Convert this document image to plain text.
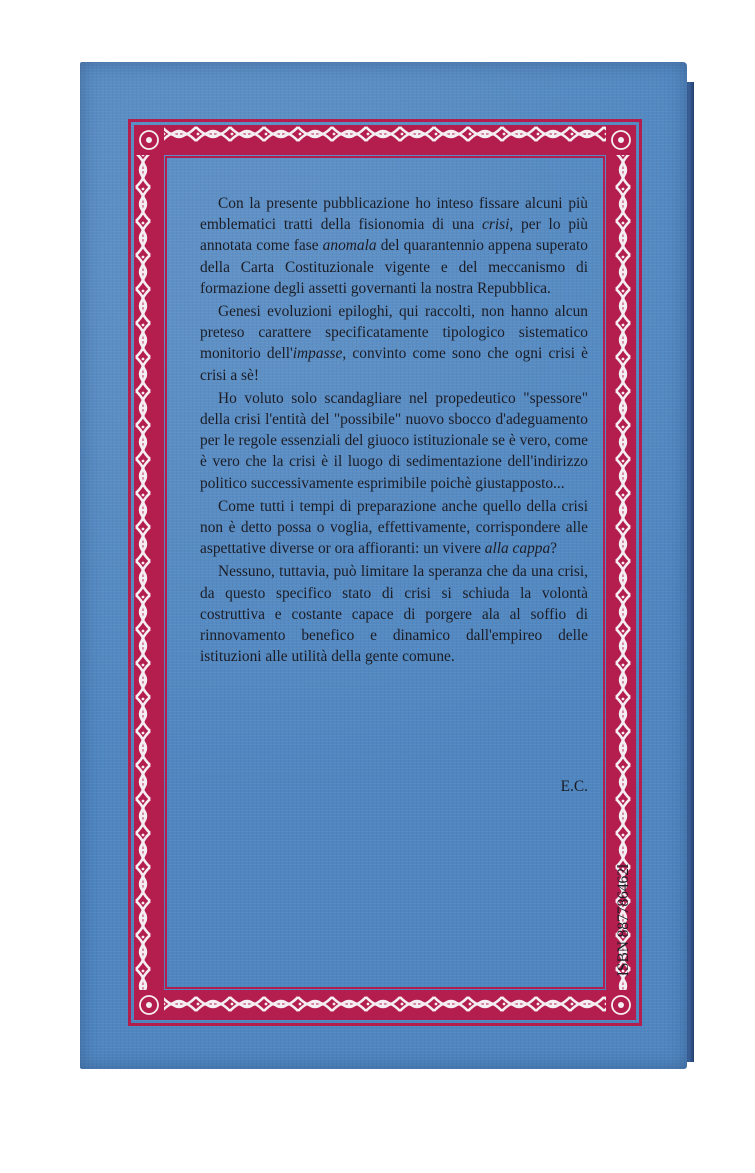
Con la presente pubblicazione ho inteso fissare alcuni più emblematici tratti della fisionomia di una crisi, per lo più annotata come fase anomala del quarantennio appena superato della Carta Costituzionale vigente e del meccanismo di formazione degli assetti governanti la nostra Repubblica.

Genesi evoluzioni epiloghi, qui raccolti, non hanno alcun preteso carattere specificatamente tipologico sistematico monitorio dell'impasse, convinto come sono che ogni crisi è crisi a sè!

Ho voluto solo scandagliare nel propedeutico "spessore" della crisi l'entità del "possibile" nuovo sbocco d'adeguamento per le regole essenziali del giuoco istituzionale se è vero, come è vero che la crisi è il luogo di sedimentazione dell'indirizzo politico successivamente esprimibile poichè giustapposto...

Come tutti i tempi di preparazione anche quello della crisi non è detto possa o voglia, effettivamente, corrispondere alle aspettative diverse or ora affioranti: un vivere alla cappa?

Nessuno, tuttavia, può limitare la speranza che da una crisi, da questo specifico stato di crisi si schiuda la volontà costruttiva e costante capace di porgere ala al soffio di rinnovamento benefico e dinamico dall'empireo delle istituzioni alle utilità della gente comune.

E.C.
ISBN 887786462l
